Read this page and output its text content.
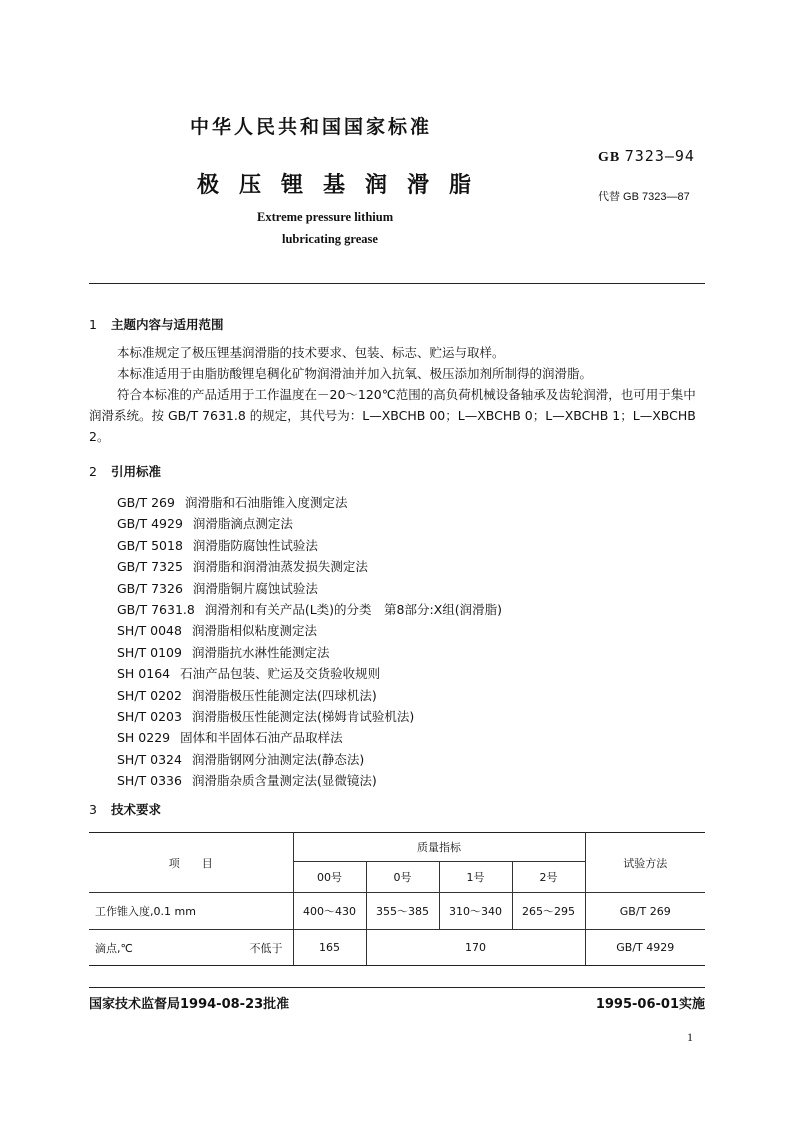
中华人民共和国国家标准
GB 7323—94
极压锂基润滑脂	代替 GB 7323—87
Extreme pressure lithium
lubricating grease
1 主题内容与适用范围
本标准规定了极压锂基润滑脂的技术要求、包装、标志、贮运与取样。
本标准适用于由脂肪酸锂皂稠化矿物润滑油并加入抗氧、极压添加剂所制得的润滑脂。
符合本标准的产品适用于工作温度在－20～120℃范围的高负荷机械设备轴承及齿轮润滑，也可用于集中润滑系统。按 GB/T 7631.8 的规定，其代号为：L—XBCHB 00；L—XBCHB 0；L—XBCHB 1；L—XBCHB 2。
2 引用标准
GB/T 269 润滑脂和石油脂锥入度测定法
GB/T 4929 润滑脂滴点测定法
GB/T 5018 润滑脂防腐蚀性试验法
GB/T 7325 润滑脂和润滑油蒸发损失测定法
GB/T 7326 润滑脂铜片腐蚀试验法
GB/T 7631.8 润滑剂和有关产品(L类)的分类　第8部分:X组(润滑脂)
SH/T 0048 润滑脂相似粘度测定法
SH/T 0109 润滑脂抗水淋性能测定法
SH 0164 石油产品包装、贮运及交货验收规则
SH/T 0202 润滑脂极压性能测定法(四球机法)
SH/T 0203 润滑脂极压性能测定法(梯姆肯试验机法)
SH 0229 固体和半固体石油产品取样法
SH/T 0324 润滑脂钢网分油测定法(静态法)
SH/T 0336 润滑脂杂质含量测定法(显微镜法)
3 技术要求
项　　目	质量指标				试验方法
	00号	0号	1号	2号	
工作锥入度,0.1 mm	400～430	355～385	310～340	265～295	GB/T 269

滴点,℃ 不低于	165	170			GB/T 4929
国家技术监督局1994-08-23批准	1995-06-01实施
1
